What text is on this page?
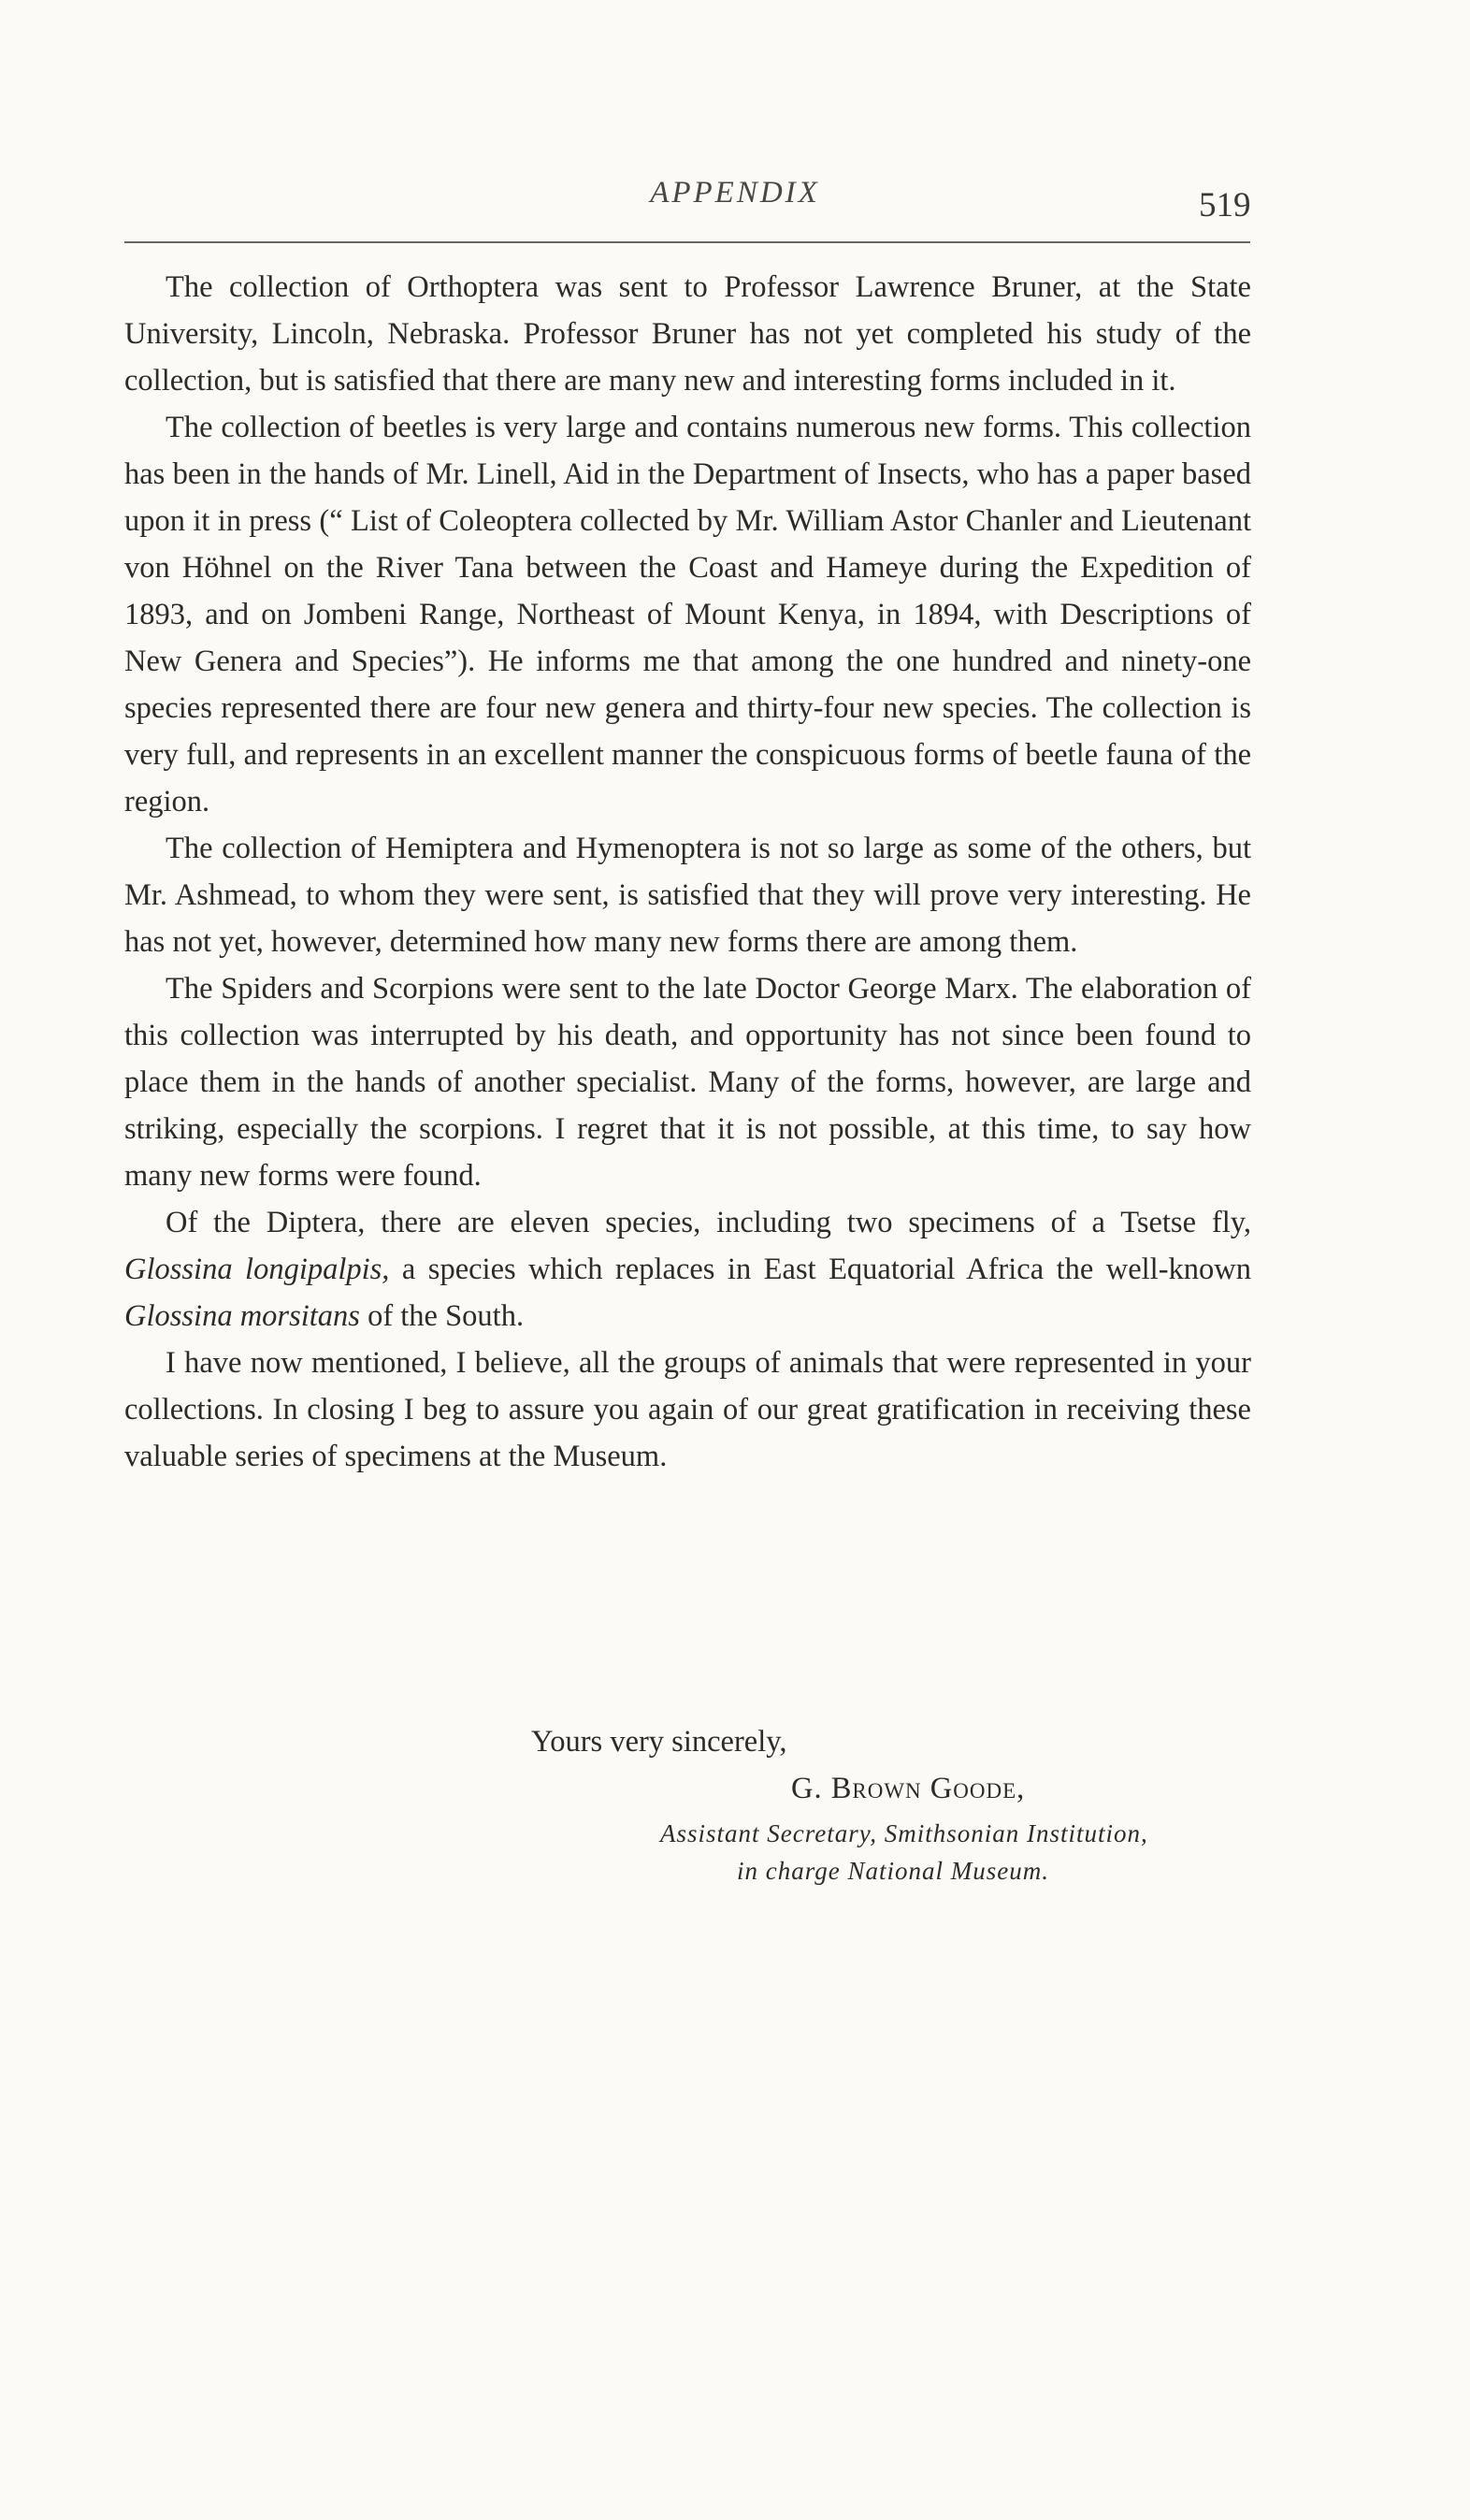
APPENDIX	519

The collection of Orthoptera was sent to Professor Lawrence Bruner, at the State University, Lincoln, Nebraska. Professor Bruner has not yet completed his study of the collection, but is satisfied that there are many new and interesting forms included in it.

The collection of beetles is very large and contains numerous new forms. This collection has been in the hands of Mr. Linell, Aid in the Department of Insects, who has a paper based upon it in press (“ List of Coleoptera collected by Mr. William Astor Chanler and Lieutenant von Höhnel on the River Tana between the Coast and Hameye during the Expedition of 1893, and on Jombeni Range, Northeast of Mount Kenya, in 1894, with Descriptions of New Genera and Species”). He informs me that among the one hundred and ninety-one species represented there are four new genera and thirty-four new species. The collection is very full, and represents in an excellent manner the conspicuous forms of beetle fauna of the region.

The collection of Hemiptera and Hymenoptera is not so large as some of the others, but Mr. Ashmead, to whom they were sent, is satisfied that they will prove very interesting. He has not yet, however, determined how many new forms there are among them.

The Spiders and Scorpions were sent to the late Doctor George Marx. The elaboration of this collection was interrupted by his death, and opportunity has not since been found to place them in the hands of another specialist. Many of the forms, however, are large and striking, especially the scorpions. I regret that it is not possible, at this time, to say how many new forms were found.

Of the Diptera, there are eleven species, including two specimens of a Tsetse fly, Glossina longipalpis, a species which replaces in East Equatorial Africa the well-known Glossina morsitans of the South.

I have now mentioned, I believe, all the groups of animals that were represented in your collections. In closing I beg to assure you again of our great gratification in receiving these valuable series of specimens at the Museum.

Yours very sincerely,
G. Brown Goode,
Assistant Secretary, Smithsonian Institution,
in charge National Museum.
